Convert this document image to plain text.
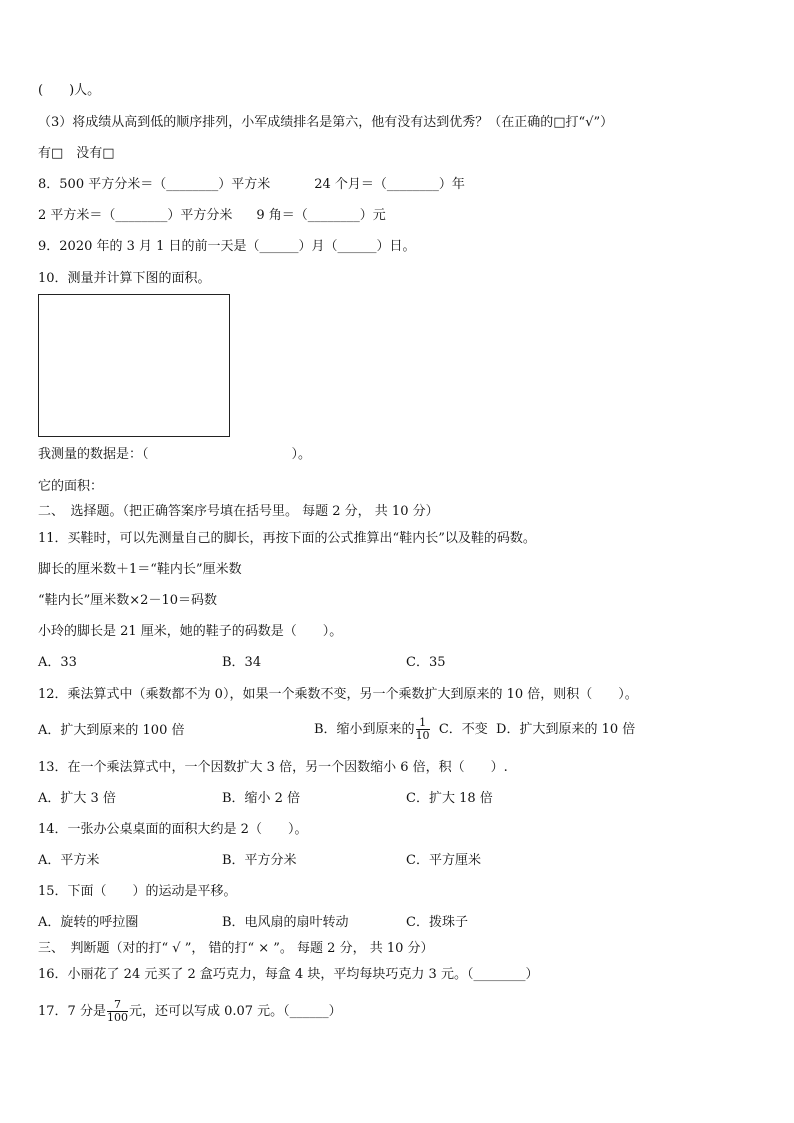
(　　)人。
（3）将成绩从高到低的顺序排列，小军成绩排名是第六，他有没有达到优秀？（在正确的□打“√”）
有□　没有□
8．500 平方分米＝（________）平方米	24 个月＝（________）年
2 平方米＝（________）平方分米 9 角＝（________）元
9．2020 年的 3 月 1 日的前一天是（______）月（______）日。
10．测量并计算下图的面积。
我测量的数据是：（　　　　　　　　　　　）。
它的面积：
二、　选择题。（把正确答案序号填在括号里。 每题 2 分， 共 10 分）
11．买鞋时，可以先测量自己的脚长，再按下面的公式推算出“鞋内长”以及鞋的码数。
脚长的厘米数＋1＝“鞋内长”厘米数
“鞋内长”厘米数×2－10＝码数
小玲的脚长是 21 厘米，她的鞋子的码数是（　　）。
A．33	B．34	C．35
12．乘法算式中（乘数都不为 0），如果一个乘数不变，另一个乘数扩大到原来的 10 倍，则积（　　）。
A．扩大到原来的 100 倍	B．缩小到原来的 $\frac{1}{10}$ C．不变 D．扩大到原来的 10 倍
13．在一个乘法算式中，一个因数扩大 3 倍，另一个因数缩小 6 倍，积（　　）.
A．扩大 3 倍	B．缩小 2 倍	C．扩大 18 倍
14．一张办公桌桌面的面积大约是 2（　　）。
A．平方米	B．平方分米	C．平方厘米
15．下面（　　）的运动是平移。
A．旋转的呼拉圈	B．电风扇的扇叶转动	C．拨珠子
三、　判断题（对的打“ √ ”， 错的打“ × ”。 每题 2 分， 共 10 分）
16．小丽花了 24 元买了 2 盒巧克力，每盒 4 块，平均每块巧克力 3 元。（________）
17．7 分是 $\frac{7}{100}$ 元，还可以写成 0.07 元。（______）
